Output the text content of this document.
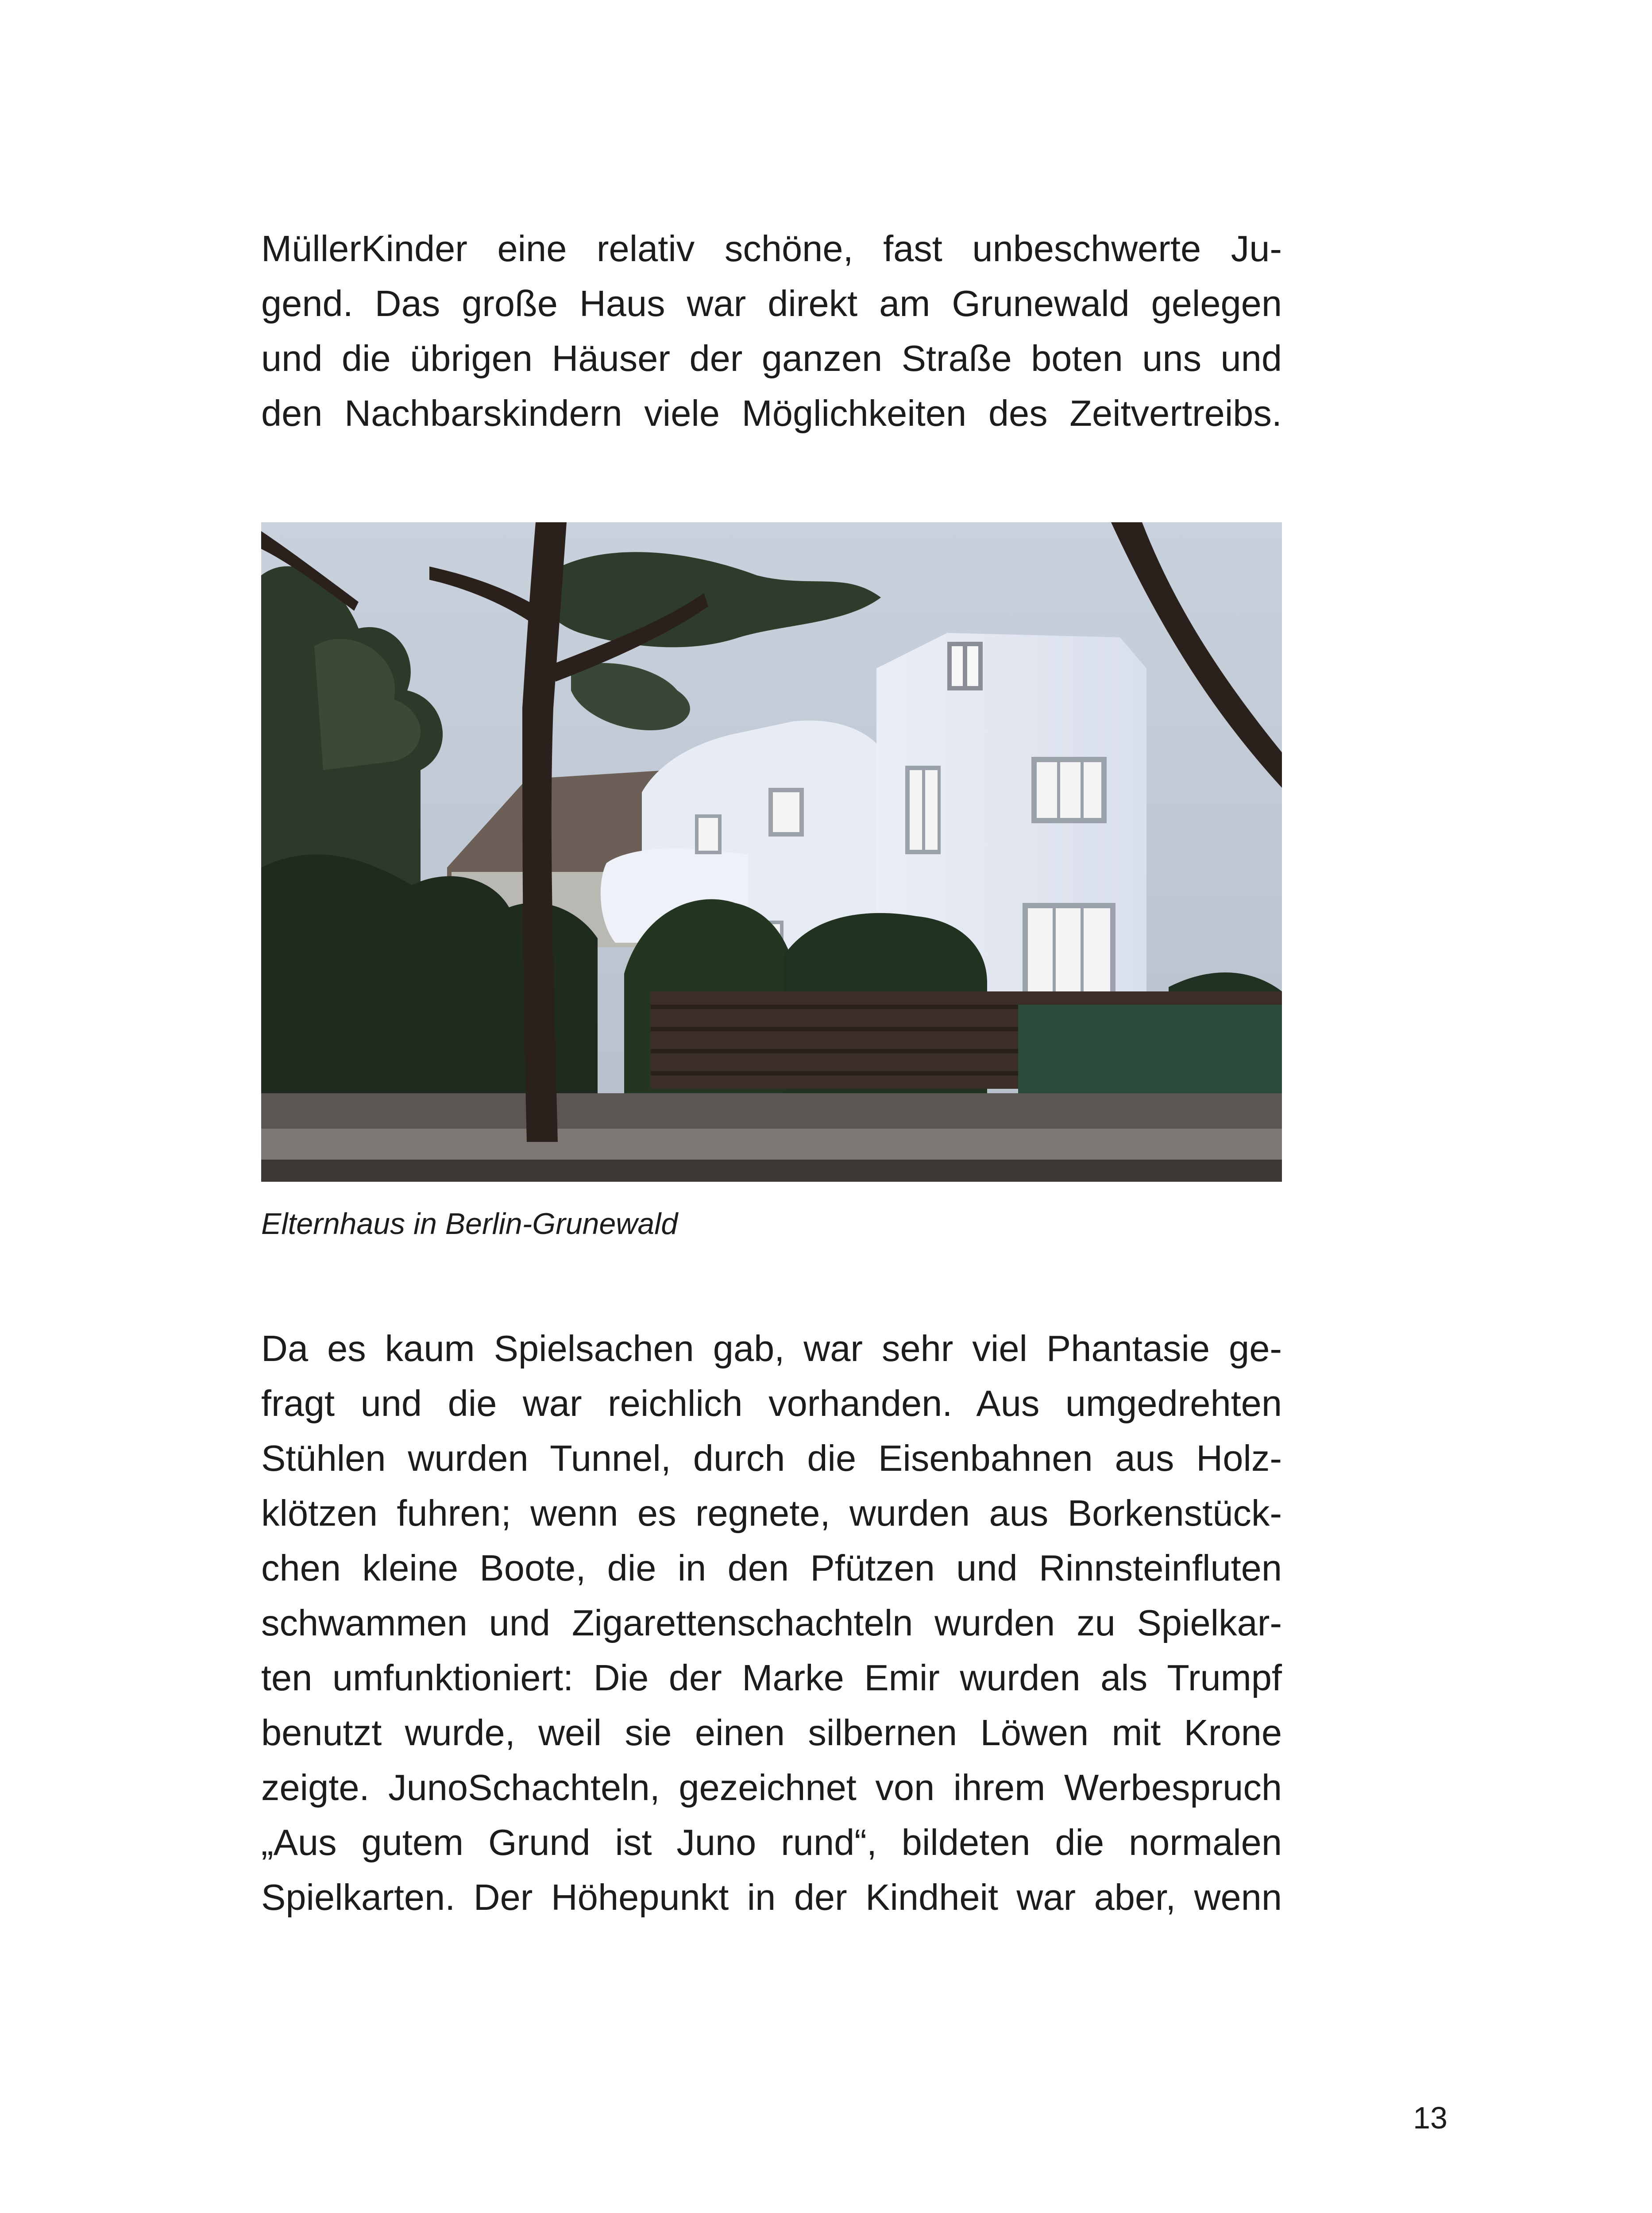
MüllerKinder eine relativ schöne, fast unbeschwerte Ju-
gend. Das große Haus war direkt am Grunewald gelegen
und die übrigen Häuser der ganzen Straße boten uns und
den Nachbarskindern viele Möglichkeiten des Zeitvertreibs.

Elternhaus in Berlin-Grunewald

Da es kaum Spielsachen gab, war sehr viel Phantasie ge-
fragt und die war reichlich vorhanden. Aus umgedrehten
Stühlen wurden Tunnel, durch die Eisenbahnen aus Holz-
klötzen fuhren; wenn es regnete, wurden aus Borkenstück-
chen kleine Boote, die in den Pfützen und Rinnsteinfluten
schwammen und Zigarettenschachteln wurden zu Spielkar-
ten umfunktioniert: Die der Marke Emir wurden als Trumpf
benutzt wurde, weil sie einen silbernen Löwen mit Krone
zeigte. JunoSchachteln, gezeichnet von ihrem Werbespruch
„Aus gutem Grund ist Juno rund“, bildeten die normalen
Spielkarten. Der Höhepunkt in der Kindheit war aber, wenn
13
